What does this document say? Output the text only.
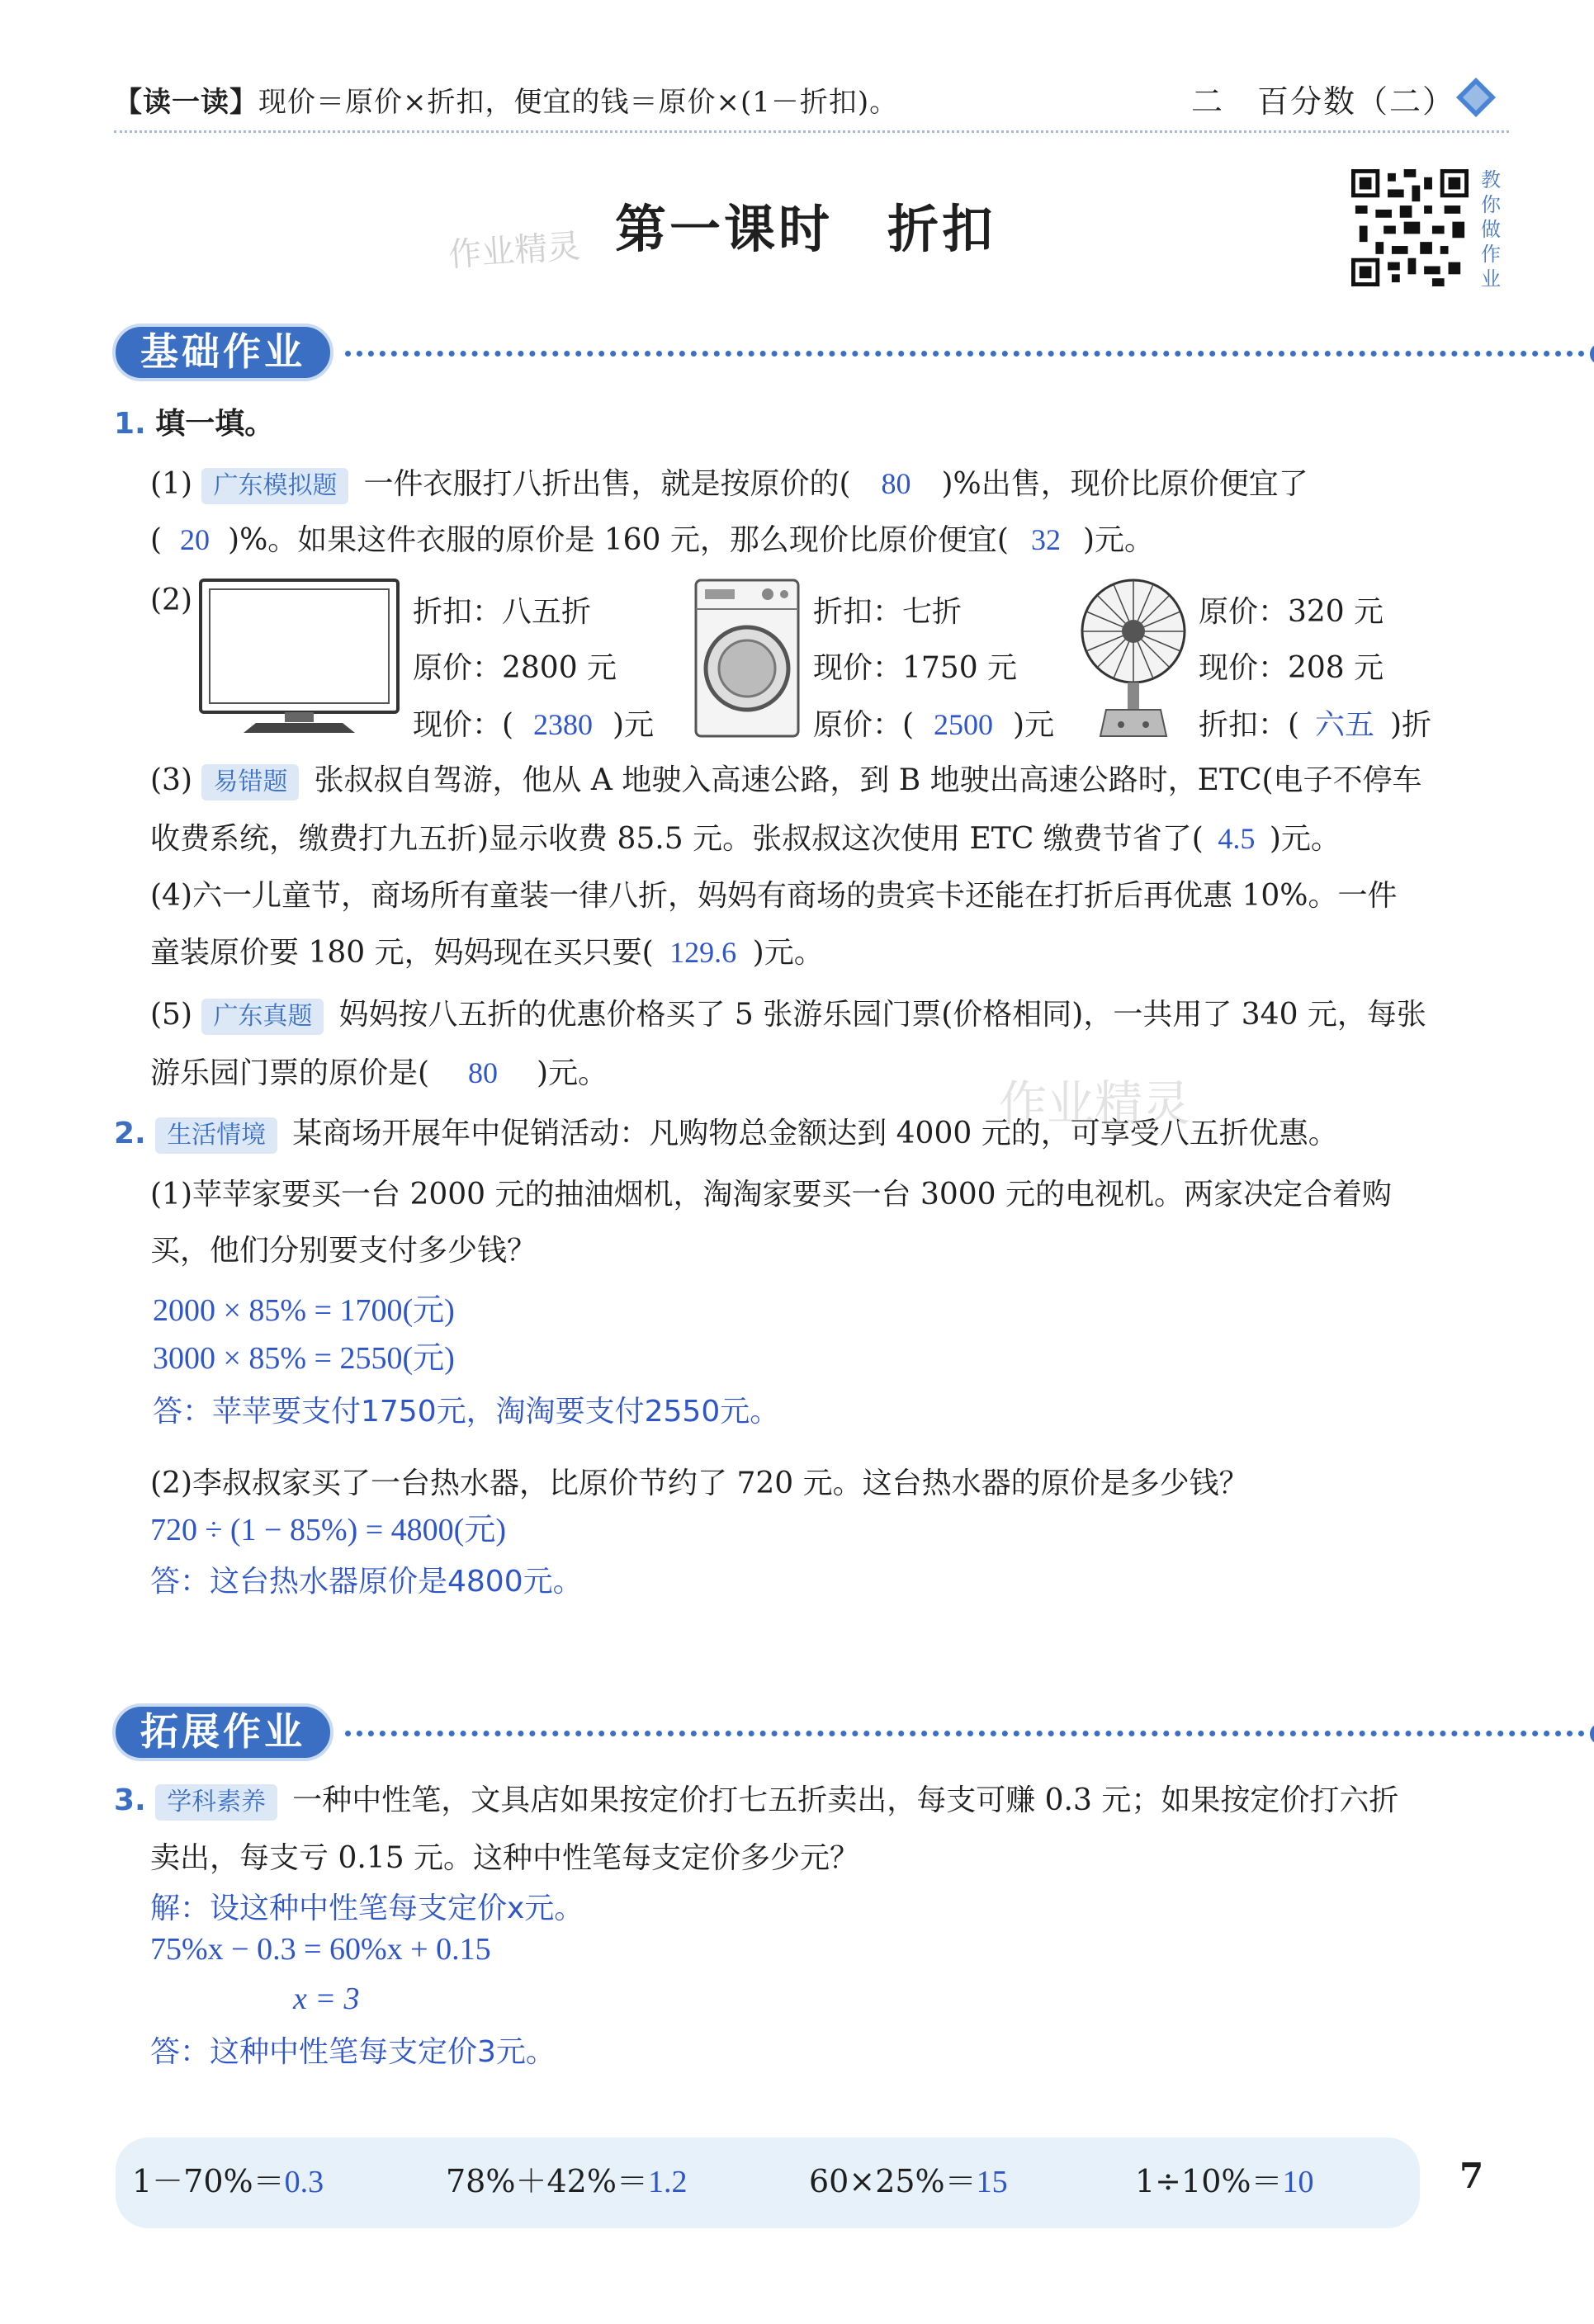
【读一读】现价＝原价×折扣，便宜的钱＝原价×(1－折扣)。	二　百分数（二）
作业精灵 第一课时　折扣
教
你
做
作
业
基础作业
1. 填一填。
(1) 广东模拟题 一件衣服打八折出售，就是按原价的( 80 )%出售，现价比原价便宜了
( 20 )%。如果这件衣服的原价是 160 元，那么现价比原价便宜( 32 )元。
(2)	折扣：八五折
原价：2800 元
现价：( 2380 )元
折扣：七折
现价：1750 元
原价：( 2500 )元
原价：320 元
现价：208 元
折扣：( 六五 )折
(3) 易错题 张叔叔自驾游，他从 A 地驶入高速公路，到 B 地驶出高速公路时，ETC(电子不停车
收费系统，缴费打九五折)显示收费 85.5 元。张叔叔这次使用 ETC 缴费节省了( 4.5 )元。
(4)六一儿童节，商场所有童装一律八折，妈妈有商场的贵宾卡还能在打折后再优惠 10%。一件
童装原价要 180 元，妈妈现在买只要( 129.6 )元。
(5) 广东真题 妈妈按八五折的优惠价格买了 5 张游乐园门票(价格相同)，一共用了 340 元，每张
游乐园门票的原价是( 80 )元。
作业精灵
2. 生活情境 某商场开展年中促销活动：凡购物总金额达到 4000 元的，可享受八五折优惠。
(1)苹苹家要买一台 2000 元的抽油烟机，淘淘家要买一台 3000 元的电视机。两家决定合着购
买，他们分别要支付多少钱？
2000 × 85% = 1700(元)
3000 × 85% = 2550(元)
答：苹苹要支付1750元，淘淘要支付2550元。
(2)李叔叔家买了一台热水器，比原价节约了 720 元。这台热水器的原价是多少钱？
720 ÷ (1 − 85%) = 4800(元)
答：这台热水器原价是4800元。
拓展作业
3. 学科素养 一种中性笔，文具店如果按定价打七五折卖出，每支可赚 0.3 元；如果按定价打六折
卖出，每支亏 0.15 元。这种中性笔每支定价多少元？
解：设这种中性笔每支定价x元。
75%x − 0.3 = 60%x + 0.15
x = 3
答：这种中性笔每支定价3元。
1－70%＝0.3	78%＋42%＝1.2	60×25%＝15	1÷10%＝10	7
